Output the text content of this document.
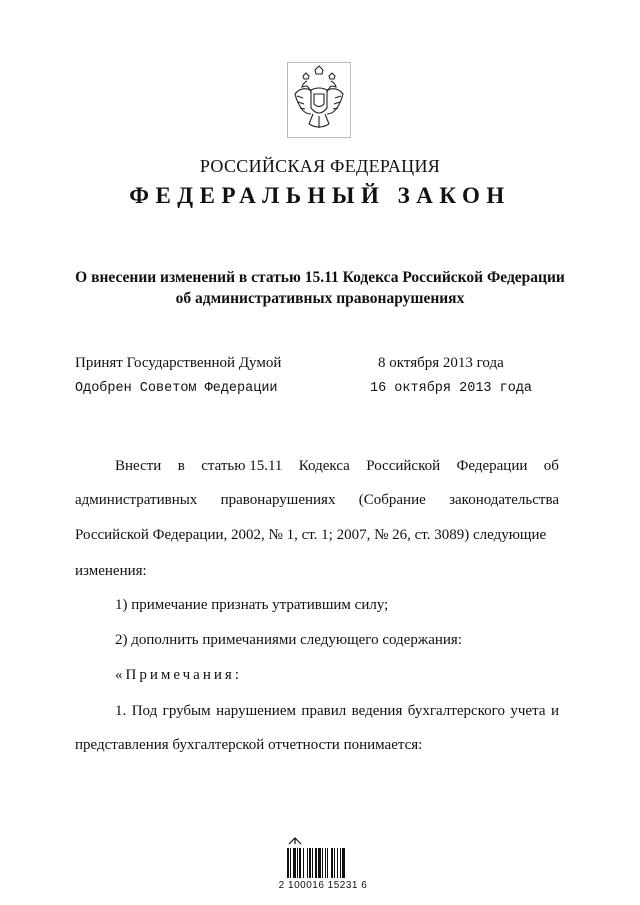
РОССИЙСКАЯ ФЕДЕРАЦИЯ
ФЕДЕРАЛЬНЫЙ ЗАКОН
О внесении изменений в статью 15.11 Кодекса Российской Федерации
об административных правонарушениях
Принят Государственной Думой	8 октября 2013 года
Одобрен Советом Федерации	16 октября 2013 года
Внести в статью 15.11 Кодекса Российской Федерации об
административных правонарушениях (Собрание законодательства
Российской Федерации, 2002, № 1, ст. 1; 2007, № 26, ст. 3089) следующие
изменения:
1) примечание признать утратившим силу;
2) дополнить примечаниями следующего содержания:
«Примечания:
1. Под грубым нарушением правил ведения бухгалтерского учета и
представления бухгалтерской отчетности понимается:
2 100016 15231 6
